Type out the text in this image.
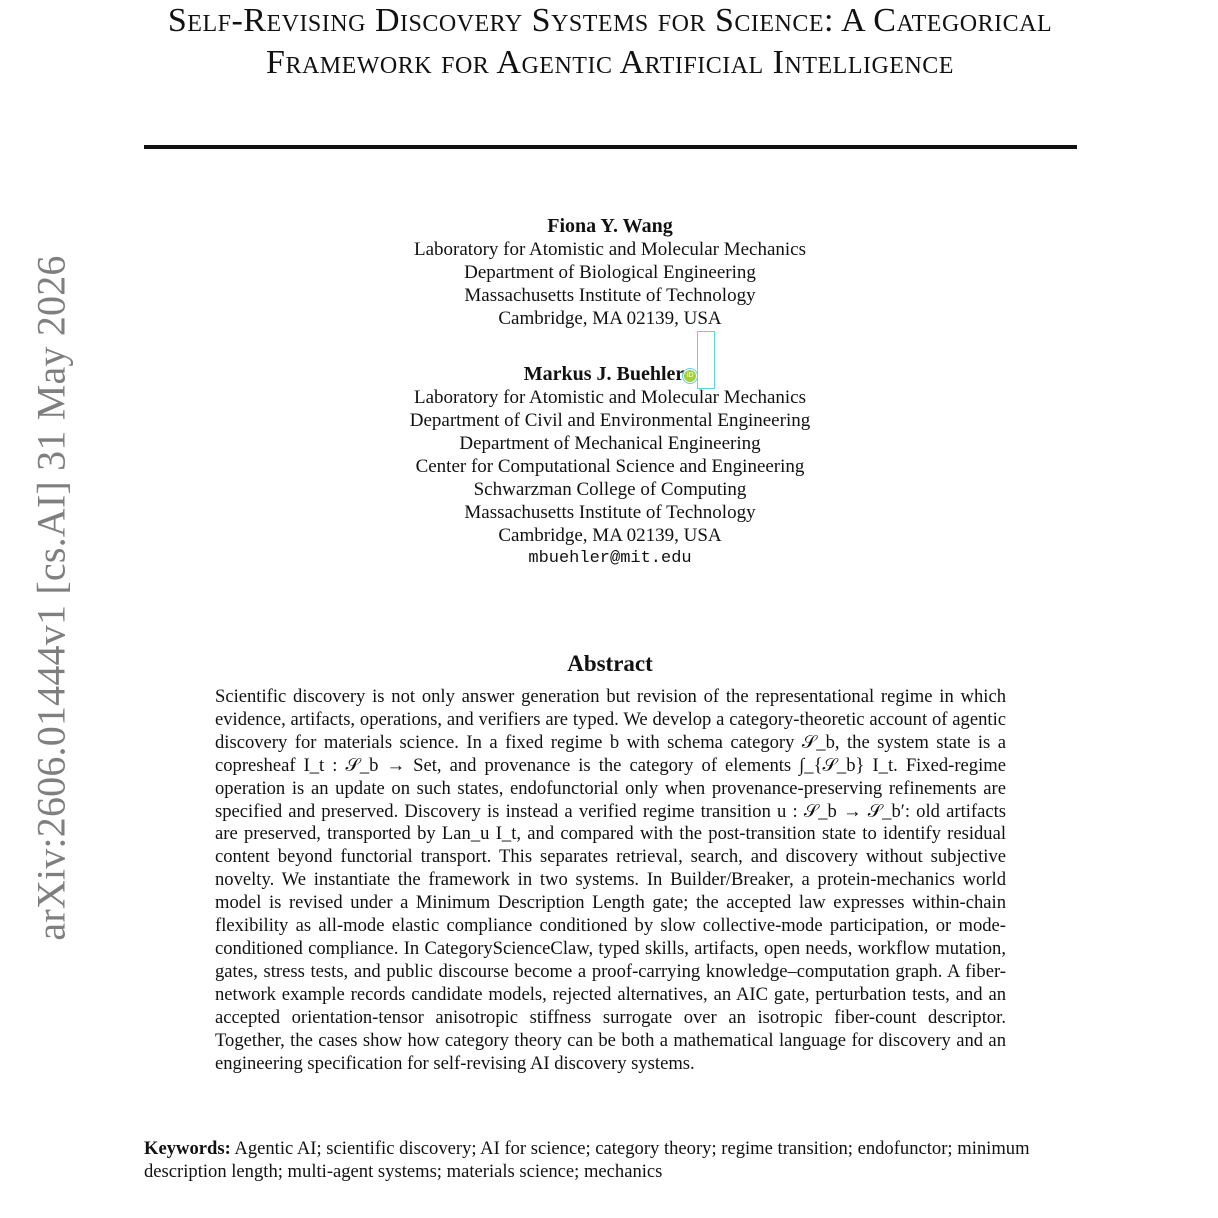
arXiv:2606.01444v1 [cs.AI] 31 May 2026
Self-Revising Discovery Systems for Science: A Categorical Framework for Agentic Artificial Intelligence
Fiona Y. Wang
Laboratory for Atomistic and Molecular Mechanics
Department of Biological Engineering
Massachusetts Institute of Technology
Cambridge, MA 02139, USA
Markus J. Buehler iD
Laboratory for Atomistic and Molecular Mechanics
Department of Civil and Environmental Engineering
Department of Mechanical Engineering
Center for Computational Science and Engineering
Schwarzman College of Computing
Massachusetts Institute of Technology
Cambridge, MA 02139, USA
mbuehler@mit.edu
Abstract

Scientific discovery is not only answer generation but revision of the representational regime in which evidence, artifacts, operations, and verifiers are typed. We develop a category-theoretic account of agentic discovery for materials science. In a fixed regime b with schema category 𝒮_b, the system state is a copresheaf I_t : 𝒮_b → Set, and provenance is the category of elements ∫_{𝒮_b} I_t. Fixed-regime operation is an update on such states, endofunctorial only when provenance-preserving refinements are specified and preserved. Discovery is instead a verified regime transition u : 𝒮_b → 𝒮_b′: old artifacts are preserved, transported by Lan_u I_t, and compared with the post-transition state to identify residual content beyond functorial transport. This separates retrieval, search, and discovery without subjective novelty. We instantiate the framework in two systems. In Builder/Breaker, a protein-mechanics world model is revised under a Minimum Description Length gate; the accepted law expresses within-chain flexibility as all-mode elastic compliance conditioned by slow collective-mode participation, or mode-conditioned compliance. In CategoryScienceClaw, typed skills, artifacts, open needs, workflow mutation, gates, stress tests, and public discourse become a proof-carrying knowledge–computation graph. A fiber-network example records candidate models, rejected alternatives, an AIC gate, perturbation tests, and an accepted orientation-tensor anisotropic stiffness surrogate over an isotropic fiber-count descriptor. Together, the cases show how category theory can be both a mathematical language for discovery and an engineering specification for self-revising AI discovery systems.

Keywords: Agentic AI; scientific discovery; AI for science; category theory; regime transition; endofunctor; minimum description length; multi-agent systems; materials science; mechanics
